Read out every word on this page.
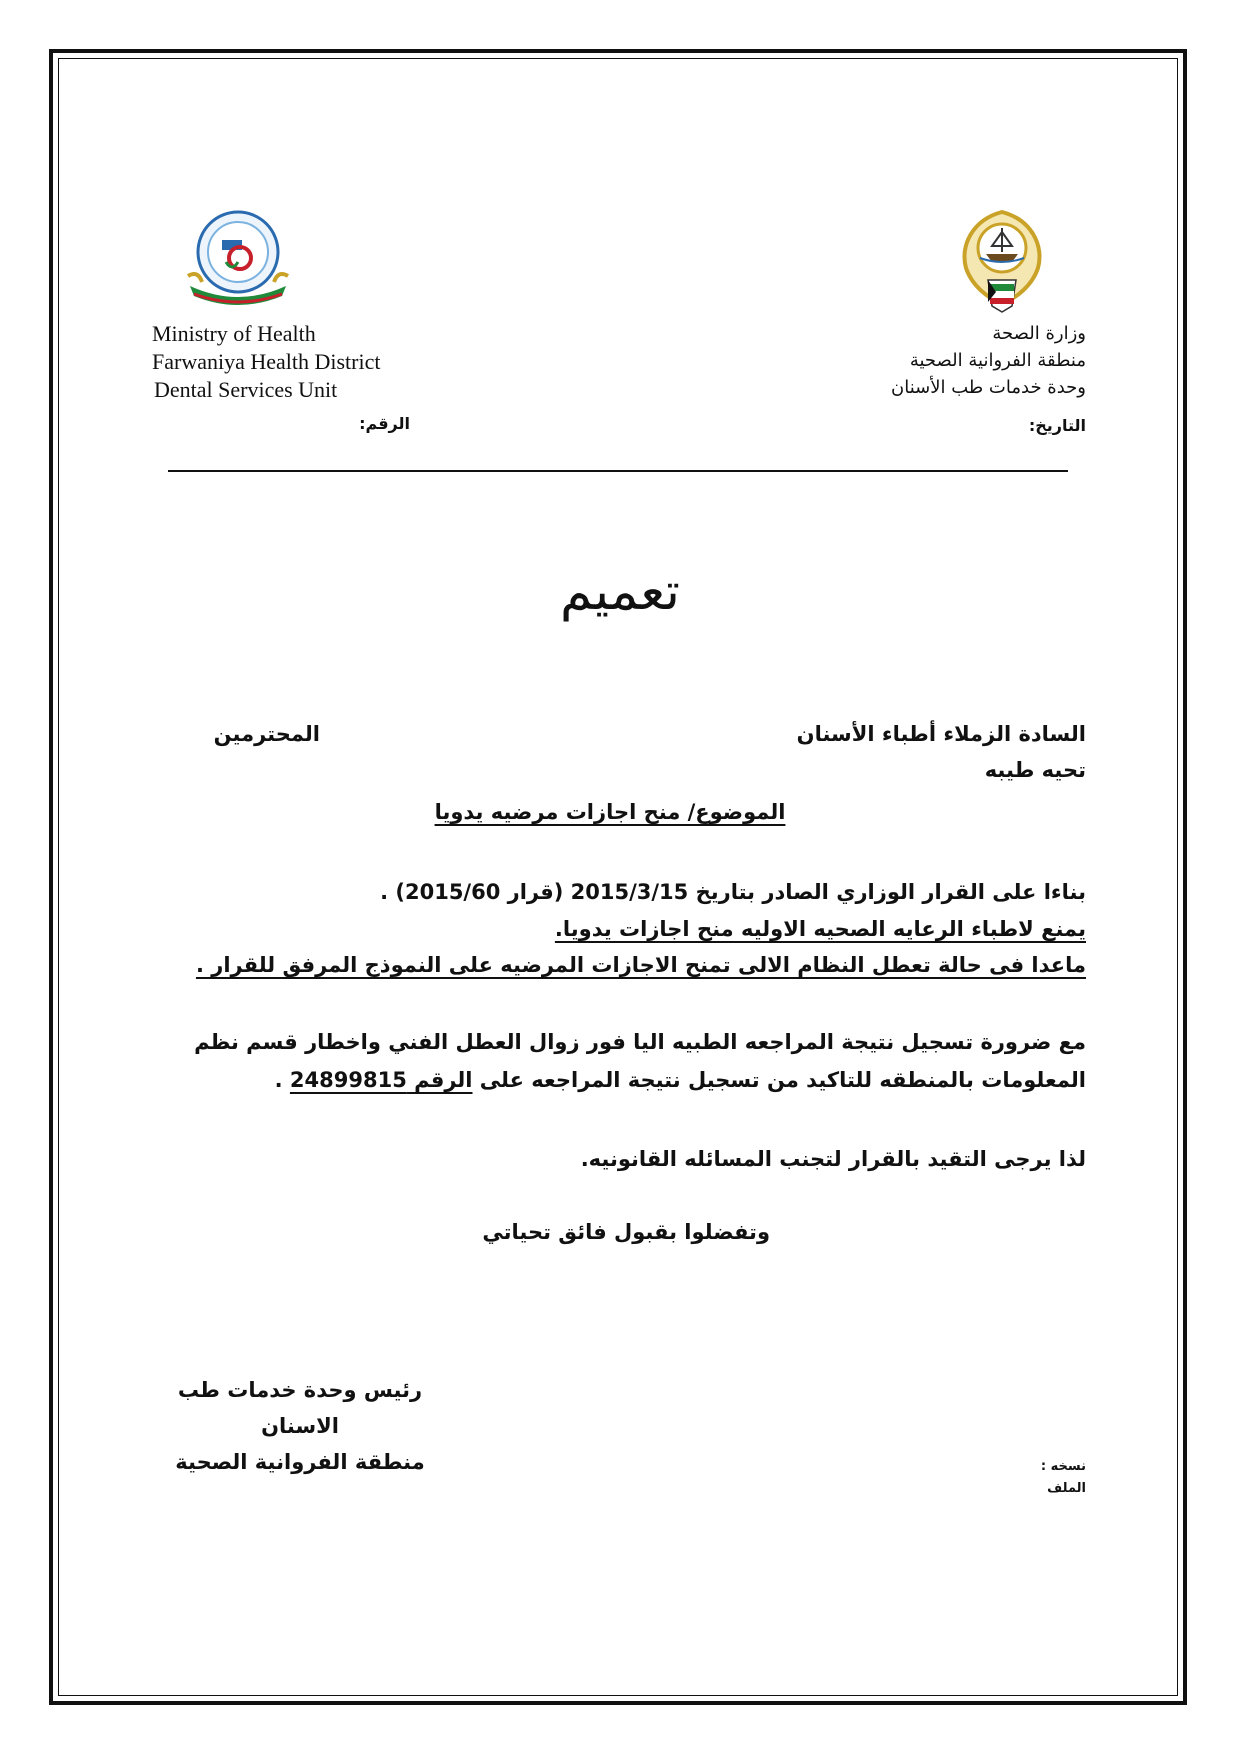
Ministry of Health
Farwaniya Health District
Dental Services Unit
وزارة الصحة
منطقة الفروانية الصحية
وحدة خدمات طب الأسنان
الرقم:	التاريخ:
تعميم
السادة الزملاء أطباء الأسنان
المحترمين
تحيه طيبه
الموضوع/ منح اجازات مرضيه يدويا
بناءا على القرار الوزاري الصادر بتاريخ 2015/3/15 (قرار 2015/60) .
يمنع لاطباء الرعايه الصحيه الاوليه منح اجازات يدويا.
ماعدا فى حالة تعطل النظام الالى تمنح الاجازات المرضيه على النموذج المرفق للقرار .
مع ضرورة تسجيل نتيجة المراجعه الطبيه اليا فور زوال العطل الفني واخطار قسم نظم
المعلومات بالمنطقه للتاكيد من تسجيل نتيجة المراجعه على الرقم 24899815 .
لذا يرجى التقيد بالقرار لتجنب المسائله القانونيه.
وتفضلوا بقبول فائق تحياتي
رئيس وحدة خدمات طب الاسنان
منطقة الفروانية الصحية	نسخه :
الملف
